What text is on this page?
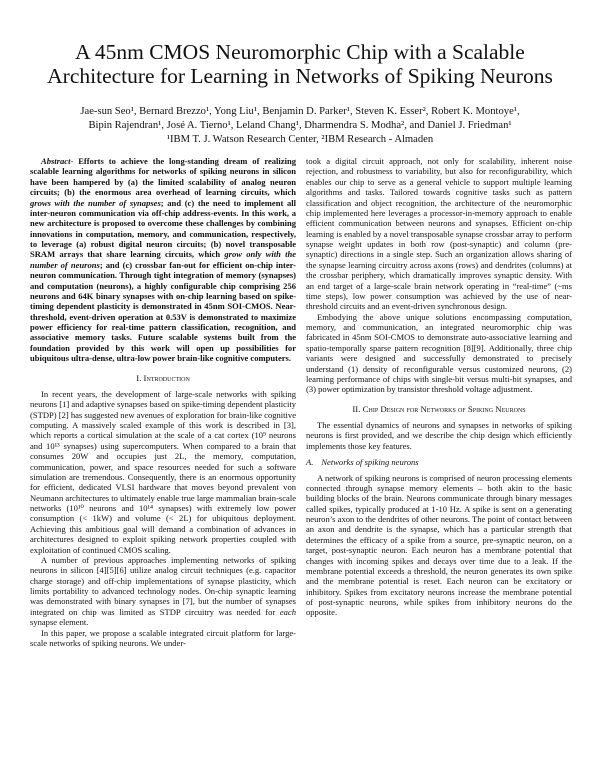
A 45nm CMOS Neuromorphic Chip with a Scalable
Architecture for Learning in Networks of Spiking Neurons
Jae-sun Seo¹, Bernard Brezzo¹, Yong Liu¹, Benjamin D. Parker¹, Steven K. Esser², Robert K. Montoye¹,
Bipin Rajendran¹, José A. Tierno¹, Leland Chang¹, Dharmendra S. Modha², and Daniel J. Friedman¹
¹IBM T. J. Watson Research Center, ²IBM Research - Almaden

Abstract- Efforts to achieve the long-standing dream of realizing scalable learning algorithms for networks of spiking neurons in silicon have been hampered by (a) the limited scalability of analog neuron circuits; (b) the enormous area overhead of learning circuits, which grows with the number of synapses; and (c) the need to implement all inter-neuron communication via off-chip address-events. In this work, a new architecture is proposed to overcome these challenges by combining innovations in computation, memory, and communication, respectively, to leverage (a) robust digital neuron circuits; (b) novel transposable SRAM arrays that share learning circuits, which grow only with the number of neurons; and (c) crossbar fan-out for efficient on-chip inter-neuron communication. Through tight integration of memory (synapses) and computation (neurons), a highly configurable chip comprising 256 neurons and 64K binary synapses with on-chip learning based on spike-timing dependent plasticity is demonstrated in 45nm SOI-CMOS. Near-threshold, event-driven operation at 0.53V is demonstrated to maximize power efficiency for real-time pattern classification, recognition, and associative memory tasks. Future scalable systems built from the foundation provided by this work will open up possibilities for ubiquitous ultra-dense, ultra-low power brain-like cognitive computers.

I. Introduction

In recent years, the development of large-scale networks with spiking neurons [1] and adaptive synapses based on spike-timing dependent plasticity (STDP) [2] has suggested new avenues of exploration for brain-like cognitive computing. A massively scaled example of this work is described in [3], which reports a cortical simulation at the scale of a cat cortex (10⁹ neurons and 10¹³ synapses) using supercomputers. When compared to a brain that consumes 20W and occupies just 2L, the memory, computation, communication, power, and space resources needed for such a software simulation are tremendous. Consequently, there is an enormous opportunity for efficient, dedicated VLSI hardware that moves beyond prevalent von Neumann architectures to ultimately enable true large mammalian brain-scale networks (10¹⁰ neurons and 10¹⁴ synapses) with extremely low power consumption (< 1kW) and volume (< 2L) for ubiquitous deployment. Achieving this ambitious goal will demand a combination of advances in architectures designed to exploit spiking network properties coupled with exploitation of continued CMOS scaling.

A number of previous approaches implementing networks of spiking neurons in silicon [4][5][6] utilize analog circuit techniques (e.g. capacitor charge storage) and off-chip implementations of synapse plasticity, which limits portability to advanced technology nodes. On-chip synaptic learning was demonstrated with binary synapses in [7], but the number of synapses integrated on chip was limited as STDP circuitry was needed for each synapse element.

In this paper, we propose a scalable integrated circuit platform for large-scale networks of spiking neurons. We under-

took a digital circuit approach, not only for scalability, inherent noise rejection, and robustness to variability, but also for reconfigurability, which enables our chip to serve as a general vehicle to support multiple learning algorithms and tasks. Tailored towards cognitive tasks such as pattern classification and object recognition, the architecture of the neuromorphic chip implemented here leverages a processor-in-memory approach to enable efficient communication between neurons and synapses. Efficient on-chip learning is enabled by a novel transposable synapse crossbar array to perform synapse weight updates in both row (post-synaptic) and column (pre-synaptic) directions in a single step. Such an organization allows sharing of the synapse learning circuitry across axons (rows) and dendrites (columns) at the crossbar periphery, which dramatically improves synaptic density. With an end target of a large-scale brain network operating in “real-time” (~ms time steps), low power consumption was achieved by the use of near-threshold circuits and an event-driven synchronous design.

Embodying the above unique solutions encompassing computation, memory, and communication, an integrated neuromorphic chip was fabricated in 45nm SOI-CMOS to demonstrate auto-associative learning and spatio-temporally sparse pattern recognition [8][9]. Additionally, three chip variants were designed and successfully demonstrated to precisely understand (1) density of reconfigurable versus customized neurons, (2) learning performance of chips with single-bit versus multi-bit synapses, and (3) power optimization by transistor threshold voltage adjustment.

II. Chip Design for Networks of Spiking Neurons

The essential dynamics of neurons and synapses in networks of spiking neurons is first provided, and we describe the chip design which efficiently implements those key features.

A. Networks of spiking neurons

A network of spiking neurons is comprised of neuron processing elements connected through synapse memory elements – both akin to the basic building blocks of the brain. Neurons communicate through binary messages called spikes, typically produced at 1-10 Hz. A spike is sent on a generating neuron’s axon to the dendrites of other neurons. The point of contact between an axon and dendrite is the synapse, which has a particular strength that determines the efficacy of a spike from a source, pre-synaptic neuron, on a target, post-synaptic neuron. Each neuron has a membrane potential that changes with incoming spikes and decays over time due to a leak. If the membrane potential exceeds a threshold, the neuron generates its own spike and the membrane potential is reset. Each neuron can be excitatory or inhibitory. Spikes from excitatory neurons increase the membrane potential of post-synaptic neurons, while spikes from inhibitory neurons do the opposite.
